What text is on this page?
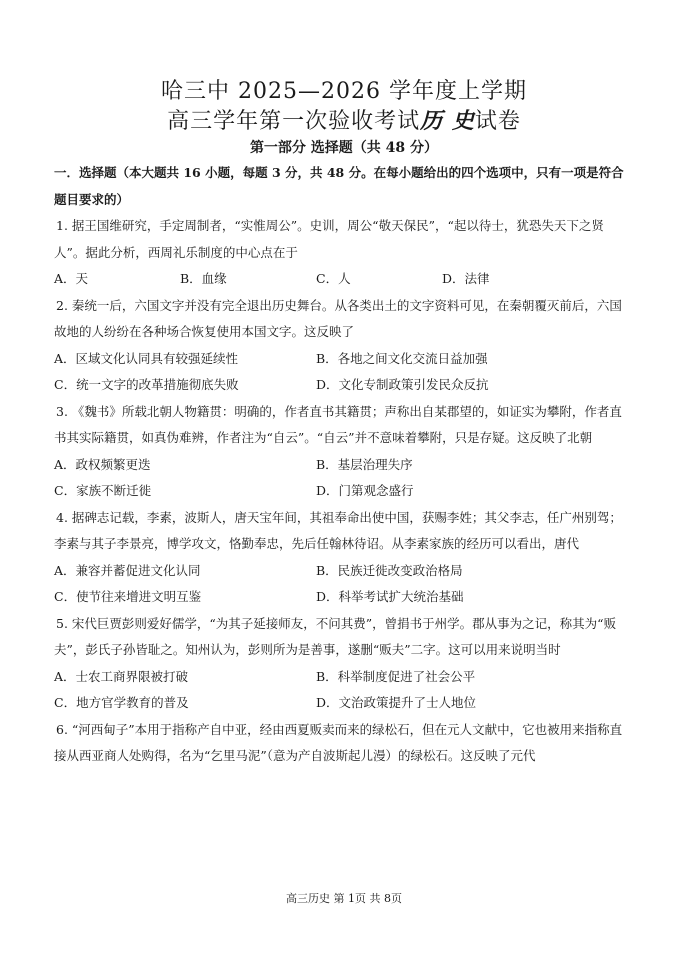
哈三中 2025—2026 学年度上学期
高三学年第一次验收考试历 史试卷
第一部分 选择题（共 48 分）

一．选择题（本大题共 16 小题，每题 3 分，共 48 分。在每小题给出的四个选项中，只有一项是符合题目要求的）

1. 据王国维研究，手定周制者，“实惟周公”。史训，周公“敬天保民”，“起以待士，犹恐失天下之贤人”。据此分析，西周礼乐制度的中心点在于

A．天	B．血缘	C．人	D．法律

2. 秦统一后，六国文字并没有完全退出历史舞台。从各类出土的文字资料可见，在秦朝覆灭前后，六国故地的人纷纷在各种场合恢复使用本国文字。这反映了

A．区域文化认同具有较强延续性	B．各地之间文化交流日益加强
C．统一文字的改革措施彻底失败	D．文化专制政策引发民众反抗

3. 《魏书》所载北朝人物籍贯：明确的，作者直书其籍贯；声称出自某郡望的，如证实为攀附，作者直书其实际籍贯，如真伪难辨，作者注为“自云”。“自云”并不意味着攀附，只是存疑。这反映了北朝

A．政权频繁更迭	B．基层治理失序
C．家族不断迁徙	D．门第观念盛行

4. 据碑志记载，李素，波斯人，唐天宝年间，其祖奉命出使中国，获赐李姓；其父李志，任广州别驾；李素与其子李景亮，博学攻文，恪勤奉忠，先后任翰林待诏。从李素家族的经历可以看出，唐代

A．兼容并蓄促进文化认同	B．民族迁徙改变政治格局
C．使节往来增进文明互鉴	D．科举考试扩大统治基础

5. 宋代巨贾彭则爱好儒学，“为其子延接师友，不问其费”，曾捐书于州学。郡从事为之记，称其为“贩夫”，彭氏子孙皆耻之。知州认为，彭则所为是善事，遂删“贩夫”二字。这可以用来说明当时

A．士农工商界限被打破	B．科举制度促进了社会公平
C．地方官学教育的普及	D．文治政策提升了士人地位

6. “河西甸子”本用于指称产自中亚，经由西夏贩卖而来的绿松石，但在元人文献中，它也被用来指称直接从西亚商人处购得，名为“乞里马泥”（意为产自波斯起儿漫）的绿松石。这反映了元代

高三历史 第 1页 共 8页
